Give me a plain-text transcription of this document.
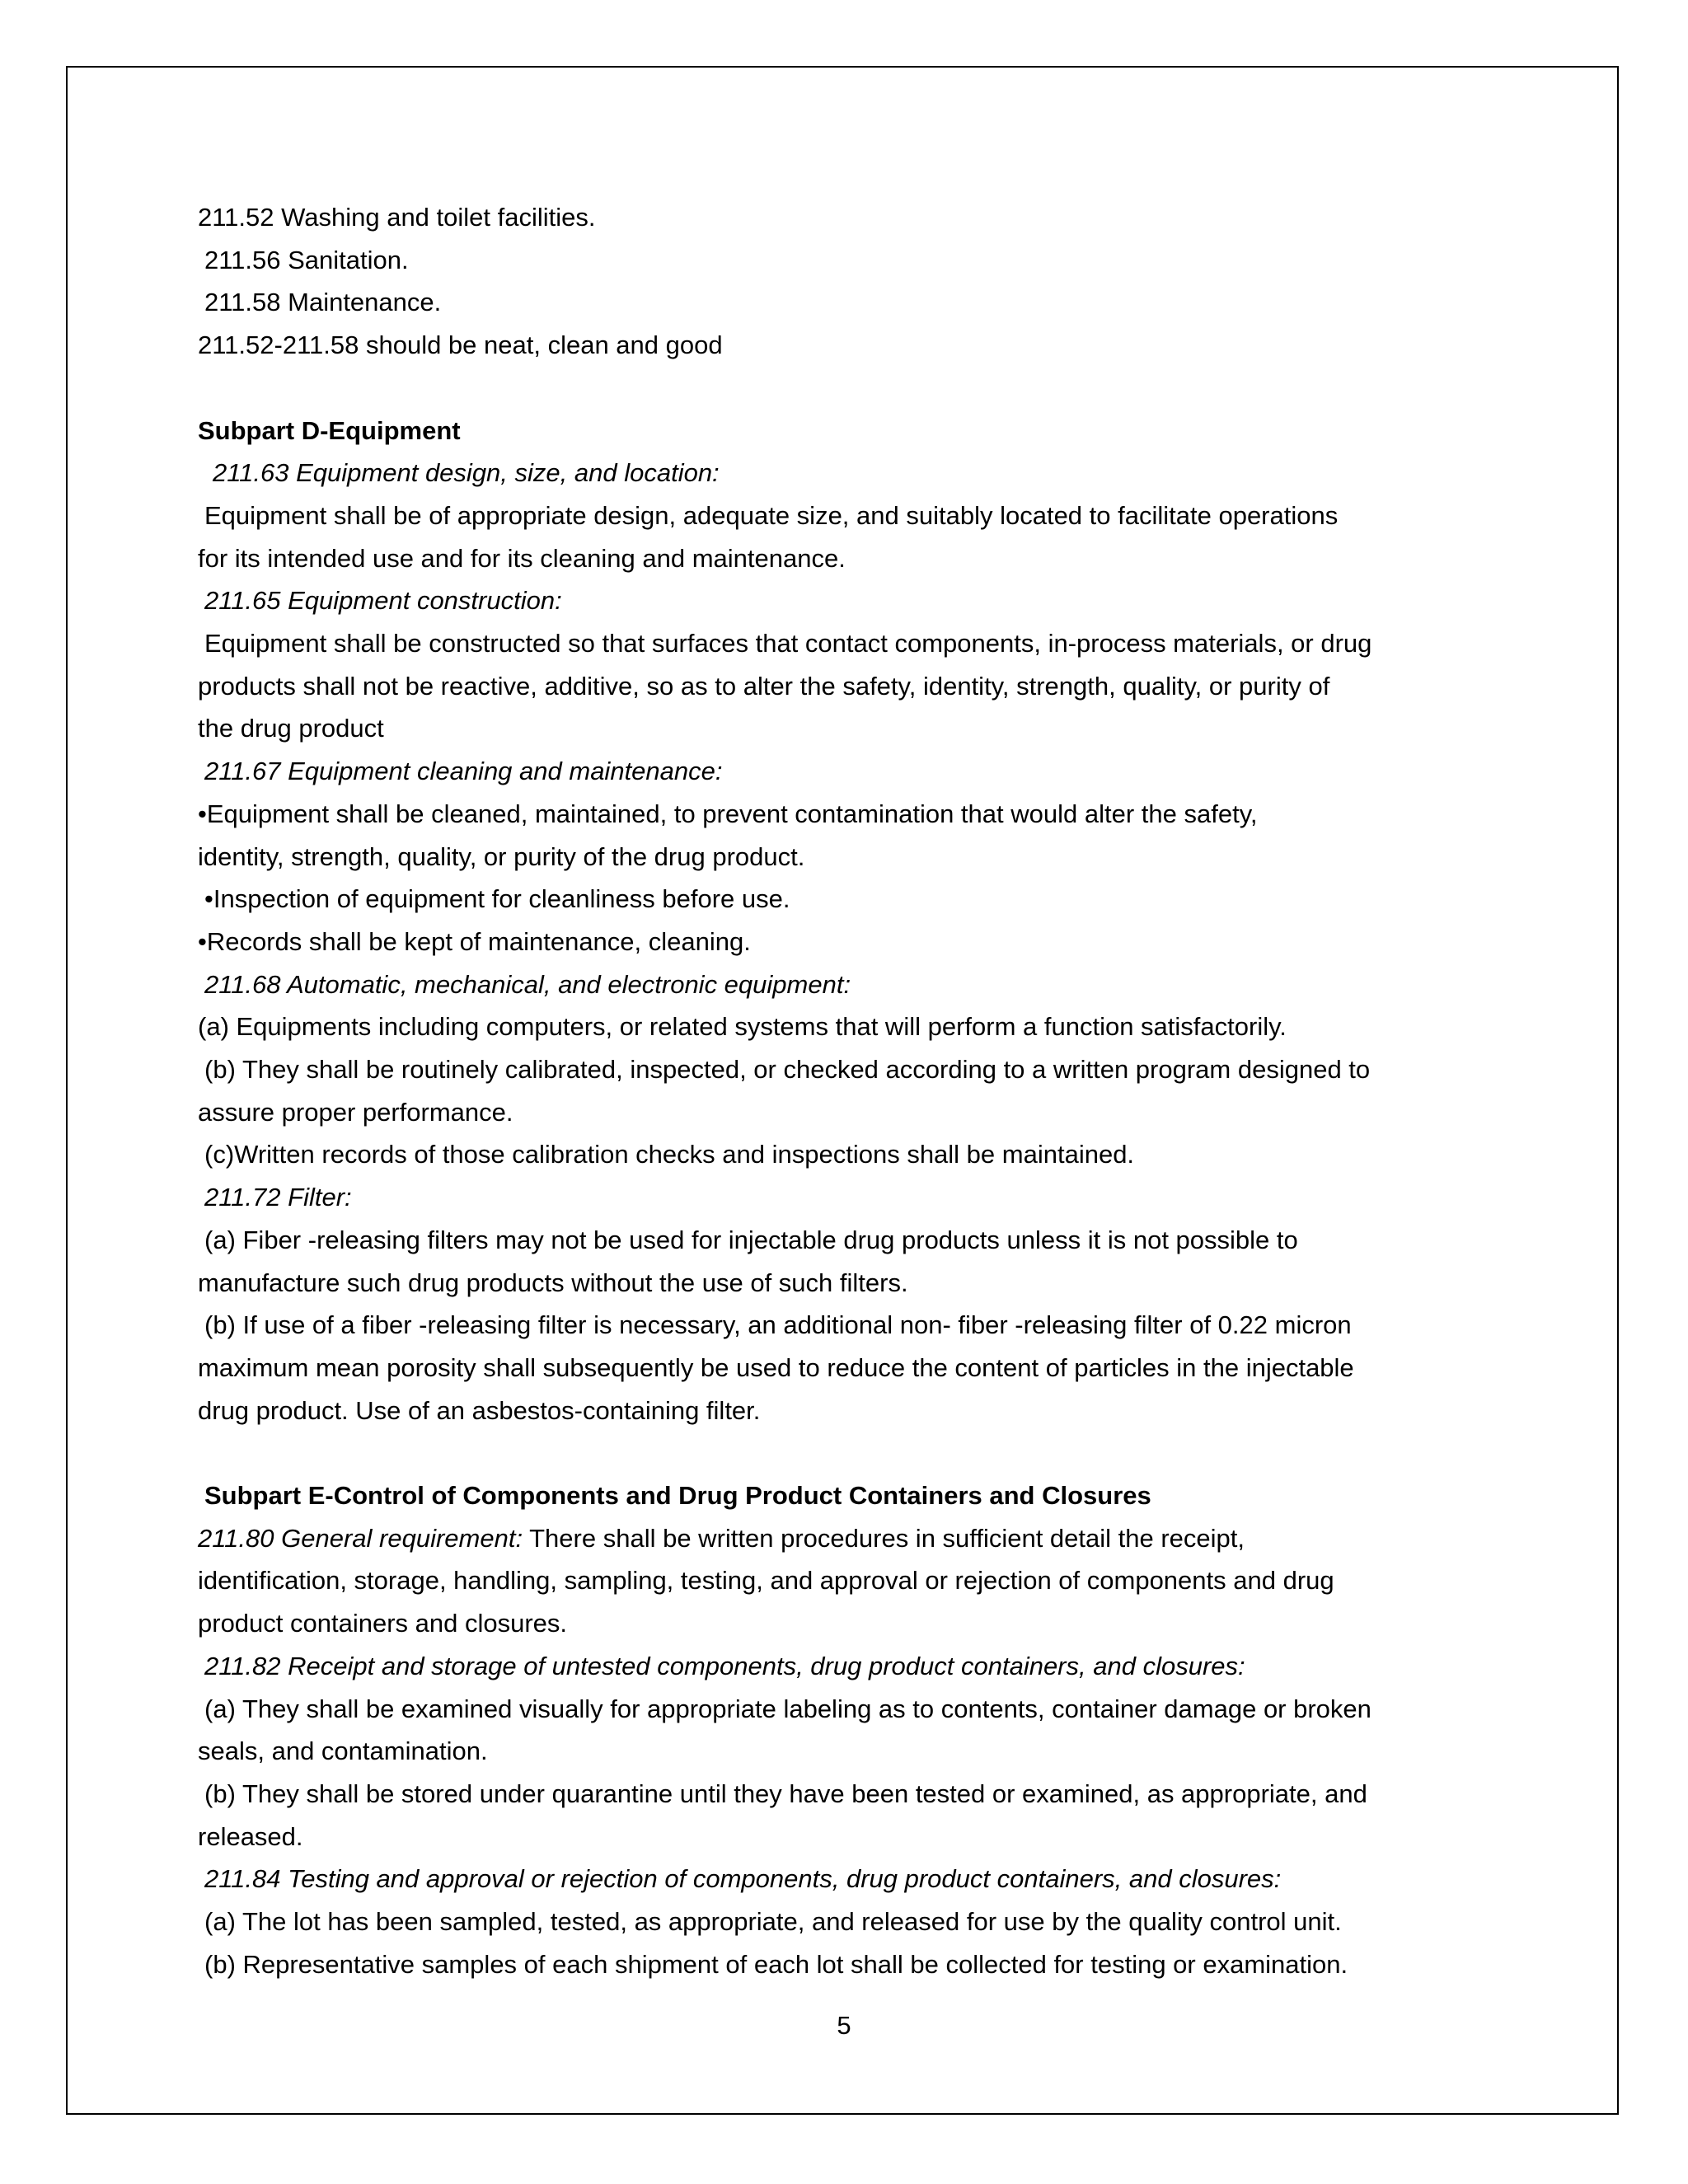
211.52 Washing and toilet facilities.
211.56 Sanitation.
211.58 Maintenance.
211.52-211.58 should be neat, clean and good
Subpart D-Equipment
211.63 Equipment design, size, and location:
Equipment shall be of appropriate design, adequate size, and suitably located to facilitate operations
for its intended use and for its cleaning and maintenance.
211.65 Equipment construction:
Equipment shall be constructed so that surfaces that contact components, in-process materials, or drug
products shall not be reactive, additive, so as to alter the safety, identity, strength, quality, or purity of
the drug product
211.67 Equipment cleaning and maintenance:
•Equipment shall be cleaned, maintained, to prevent contamination that would alter the safety,
identity, strength, quality, or purity of the drug product.
•Inspection of equipment for cleanliness before use.
•Records shall be kept of maintenance, cleaning.
211.68 Automatic, mechanical, and electronic equipment:
(a) Equipments including computers, or related systems that will perform a function satisfactorily.
(b) They shall be routinely calibrated, inspected, or checked according to a written program designed to
assure proper performance.
(c)Written records of those calibration checks and inspections shall be maintained.
211.72 Filter:
(a) Fiber -releasing filters may not be used for injectable drug products unless it is not possible to
manufacture such drug products without the use of such filters.
(b) If use of a fiber -releasing filter is necessary, an additional non- fiber -releasing filter of 0.22 micron
maximum mean porosity shall subsequently be used to reduce the content of particles in the injectable
drug product. Use of an asbestos-containing filter.
Subpart E-Control of Components and Drug Product Containers and Closures
211.80 General requirement: There shall be written procedures in sufficient detail the receipt,
identification, storage, handling, sampling, testing, and approval or rejection of components and drug
product containers and closures.
211.82 Receipt and storage of untested components, drug product containers, and closures:
(a) They shall be examined visually for appropriate labeling as to contents, container damage or broken
seals, and contamination.
(b) They shall be stored under quarantine until they have been tested or examined, as appropriate, and
released.
211.84 Testing and approval or rejection of components, drug product containers, and closures:
(a) The lot has been sampled, tested, as appropriate, and released for use by the quality control unit.
(b) Representative samples of each shipment of each lot shall be collected for testing or examination.
5
